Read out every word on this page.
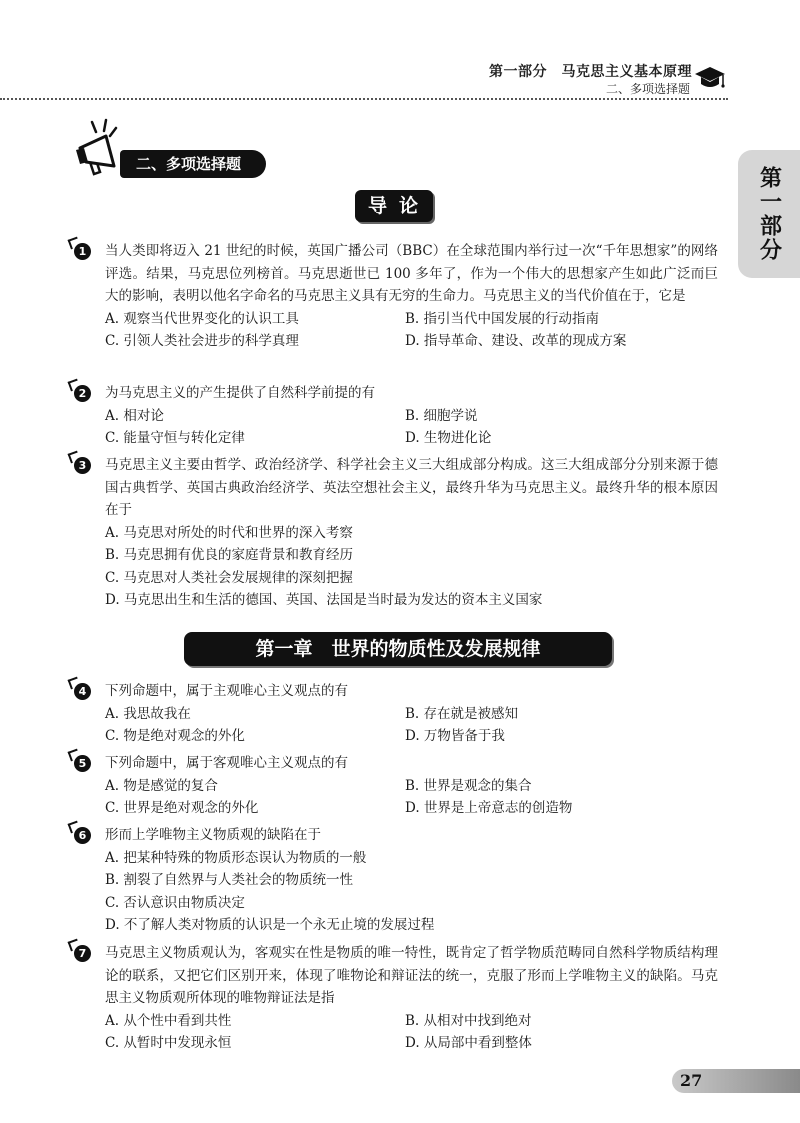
第一部分　马克思主义基本原理
二、多项选择题
第一部分
二、多项选择题
导论
1	当人类即将迈入 21 世纪的时候，英国广播公司（BBC）在全球范围内举行过一次“千年思想家”的网络评选。结果，马克思位列榜首。马克思逝世已 100 多年了，作为一个伟大的思想家产生如此广泛而巨大的影响，表明以他名字命名的马克思主义具有无穷的生命力。马克思主义的当代价值在于，它是
A. 观察当代世界变化的认识工具	B. 指引当代中国发展的行动指南
C. 引领人类社会进步的科学真理	D. 指导革命、建设、改革的现成方案
2	为马克思主义的产生提供了自然科学前提的有
A. 相对论	B. 细胞学说
C. 能量守恒与转化定律	D. 生物进化论
3	马克思主义主要由哲学、政治经济学、科学社会主义三大组成部分构成。这三大组成部分分别来源于德国古典哲学、英国古典政治经济学、英法空想社会主义，最终升华为马克思主义。最终升华的根本原因在于
A. 马克思对所处的时代和世界的深入考察
B. 马克思拥有优良的家庭背景和教育经历
C. 马克思对人类社会发展规律的深刻把握
D. 马克思出生和生活的德国、英国、法国是当时最为发达的资本主义国家
第一章　世界的物质性及发展规律
4	下列命题中，属于主观唯心主义观点的有
A. 我思故我在	B. 存在就是被感知
C. 物是绝对观念的外化	D. 万物皆备于我
5	下列命题中，属于客观唯心主义观点的有
A. 物是感觉的复合	B. 世界是观念的集合
C. 世界是绝对观念的外化	D. 世界是上帝意志的创造物
6	形而上学唯物主义物质观的缺陷在于
A. 把某种特殊的物质形态误认为物质的一般
B. 割裂了自然界与人类社会的物质统一性
C. 否认意识由物质决定
D. 不了解人类对物质的认识是一个永无止境的发展过程
7	马克思主义物质观认为，客观实在性是物质的唯一特性，既肯定了哲学物质范畴同自然科学物质结构理论的联系，又把它们区别开来，体现了唯物论和辩证法的统一，克服了形而上学唯物主义的缺陷。马克思主义物质观所体现的唯物辩证法是指
A. 从个性中看到共性	B. 从相对中找到绝对
C. 从暂时中发现永恒	D. 从局部中看到整体
27
